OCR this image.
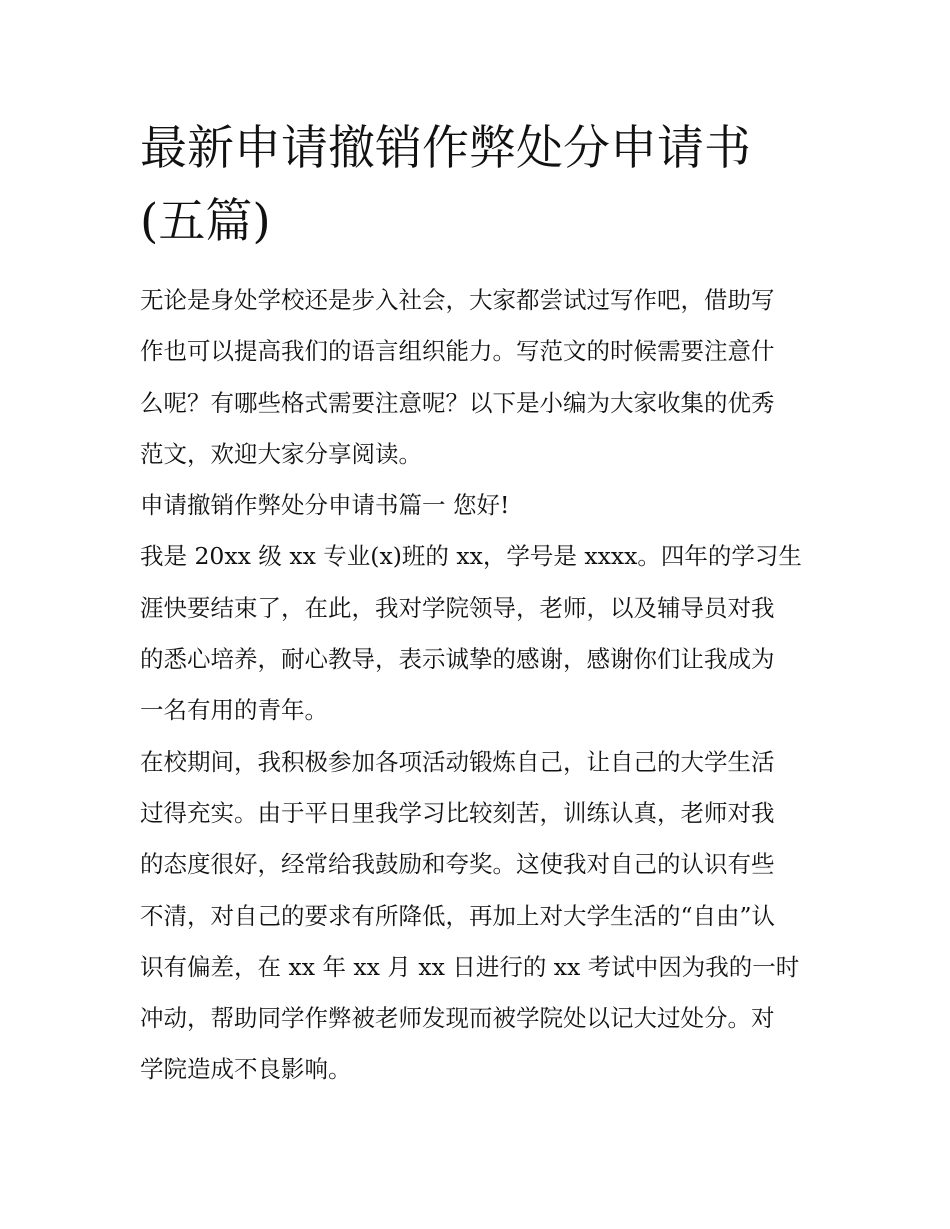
最新申请撤销作弊处分申请书
(五篇)

无论是身处学校还是步入社会，大家都尝试过写作吧，借助写
作也可以提高我们的语言组织能力。写范文的时候需要注意什
么呢？有哪些格式需要注意呢？以下是小编为大家收集的优秀
范文，欢迎大家分享阅读。

申请撤销作弊处分申请书篇一 您好!

我是 20xx 级 xx 专业(x)班的 xx，学号是 xxxx。四年的学习生
涯快要结束了，在此，我对学院领导，老师，以及辅导员对我
的悉心培养，耐心教导，表示诚挚的感谢，感谢你们让我成为
一名有用的青年。

在校期间，我积极参加各项活动锻炼自己，让自己的大学生活
过得充实。由于平日里我学习比较刻苦，训练认真，老师对我
的态度很好，经常给我鼓励和夸奖。这使我对自己的认识有些
不清，对自己的要求有所降低，再加上对大学生活的“自由”认
识有偏差，在 xx 年 xx 月 xx 日进行的 xx 考试中因为我的一时
冲动，帮助同学作弊被老师发现而被学院处以记大过处分。对
学院造成不良影响。
